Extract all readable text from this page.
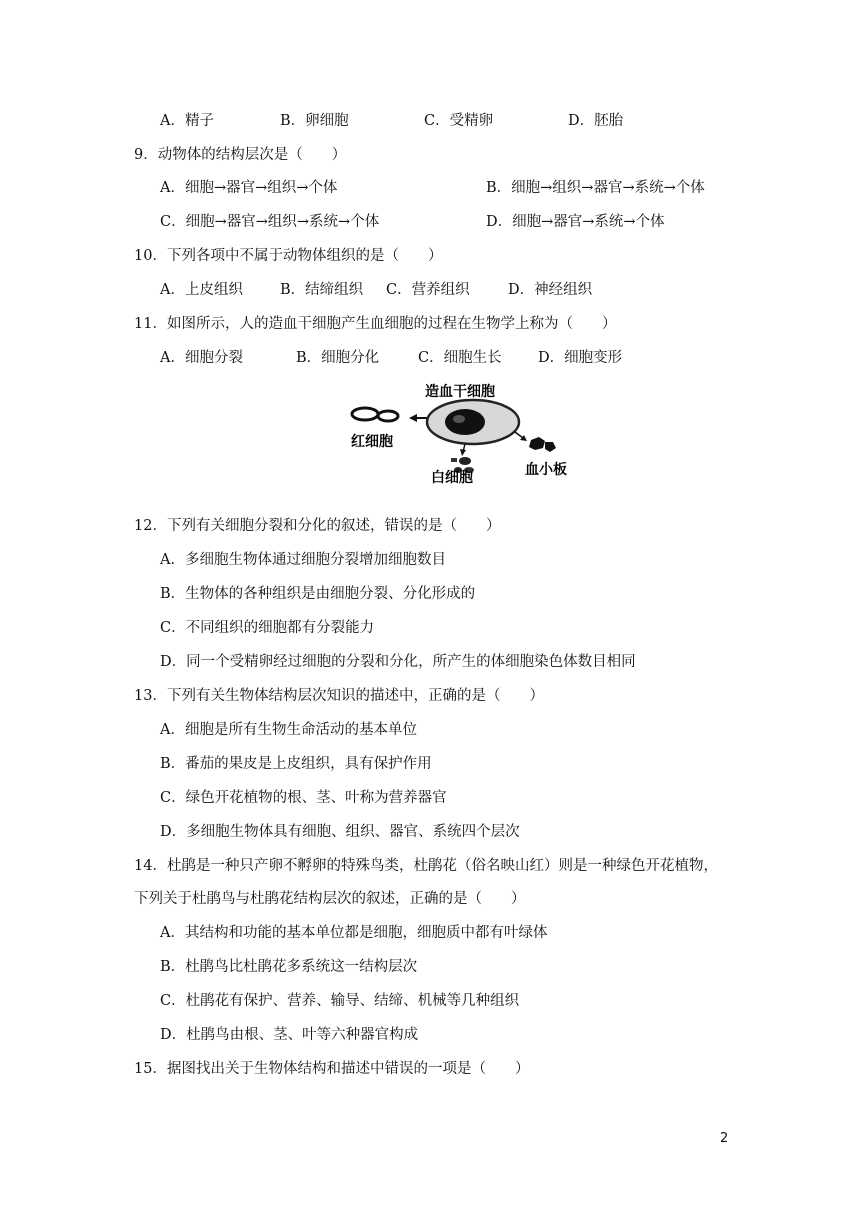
A．精子	B．卵细胞	C．受精卵	D．胚胎
9．动物体的结构层次是（　　）
A．细胞→器官→组织→个体	B．细胞→组织→器官→系统→个体
C．细胞→器官→组织→系统→个体	D．细胞→器官→系统→个体
10．下列各项中不属于动物体组织的是（　　）
A．上皮组织	B．结缔组织 C．营养组织	D．神经组织
11．如图所示，人的造血干细胞产生血细胞的过程在生物学上称为（　　）
A．细胞分裂	B．细胞分化	C．细胞生长	D．细胞变形
造血干细胞
红细胞
白细胞	血小板
12．下列有关细胞分裂和分化的叙述，错误的是（　　）
A．多细胞生物体通过细胞分裂增加细胞数目
B．生物体的各种组织是由细胞分裂、分化形成的
C．不同组织的细胞都有分裂能力
D．同一个受精卵经过细胞的分裂和分化，所产生的体细胞染色体数目相同
13．下列有关生物体结构层次知识的描述中，正确的是（　　）
A．细胞是所有生物生命活动的基本单位
B．番茄的果皮是上皮组织，具有保护作用
C．绿色开花植物的根、茎、叶称为营养器官
D．多细胞生物体具有细胞、组织、器官、系统四个层次
14．杜鹃是一种只产卵不孵卵的特殊鸟类，杜鹃花（俗名映山红）则是一种绿色开花植物，
下列关于杜鹃鸟与杜鹃花结构层次的叙述，正确的是（　　）
A．其结构和功能的基本单位都是细胞，细胞质中都有叶绿体
B．杜鹃鸟比杜鹃花多系统这一结构层次
C．杜鹃花有保护、营养、输导、结缔、机械等几种组织
D．杜鹃鸟由根、茎、叶等六种器官构成
15．据图找出关于生物体结构和描述中错误的一项是（　　）
2
